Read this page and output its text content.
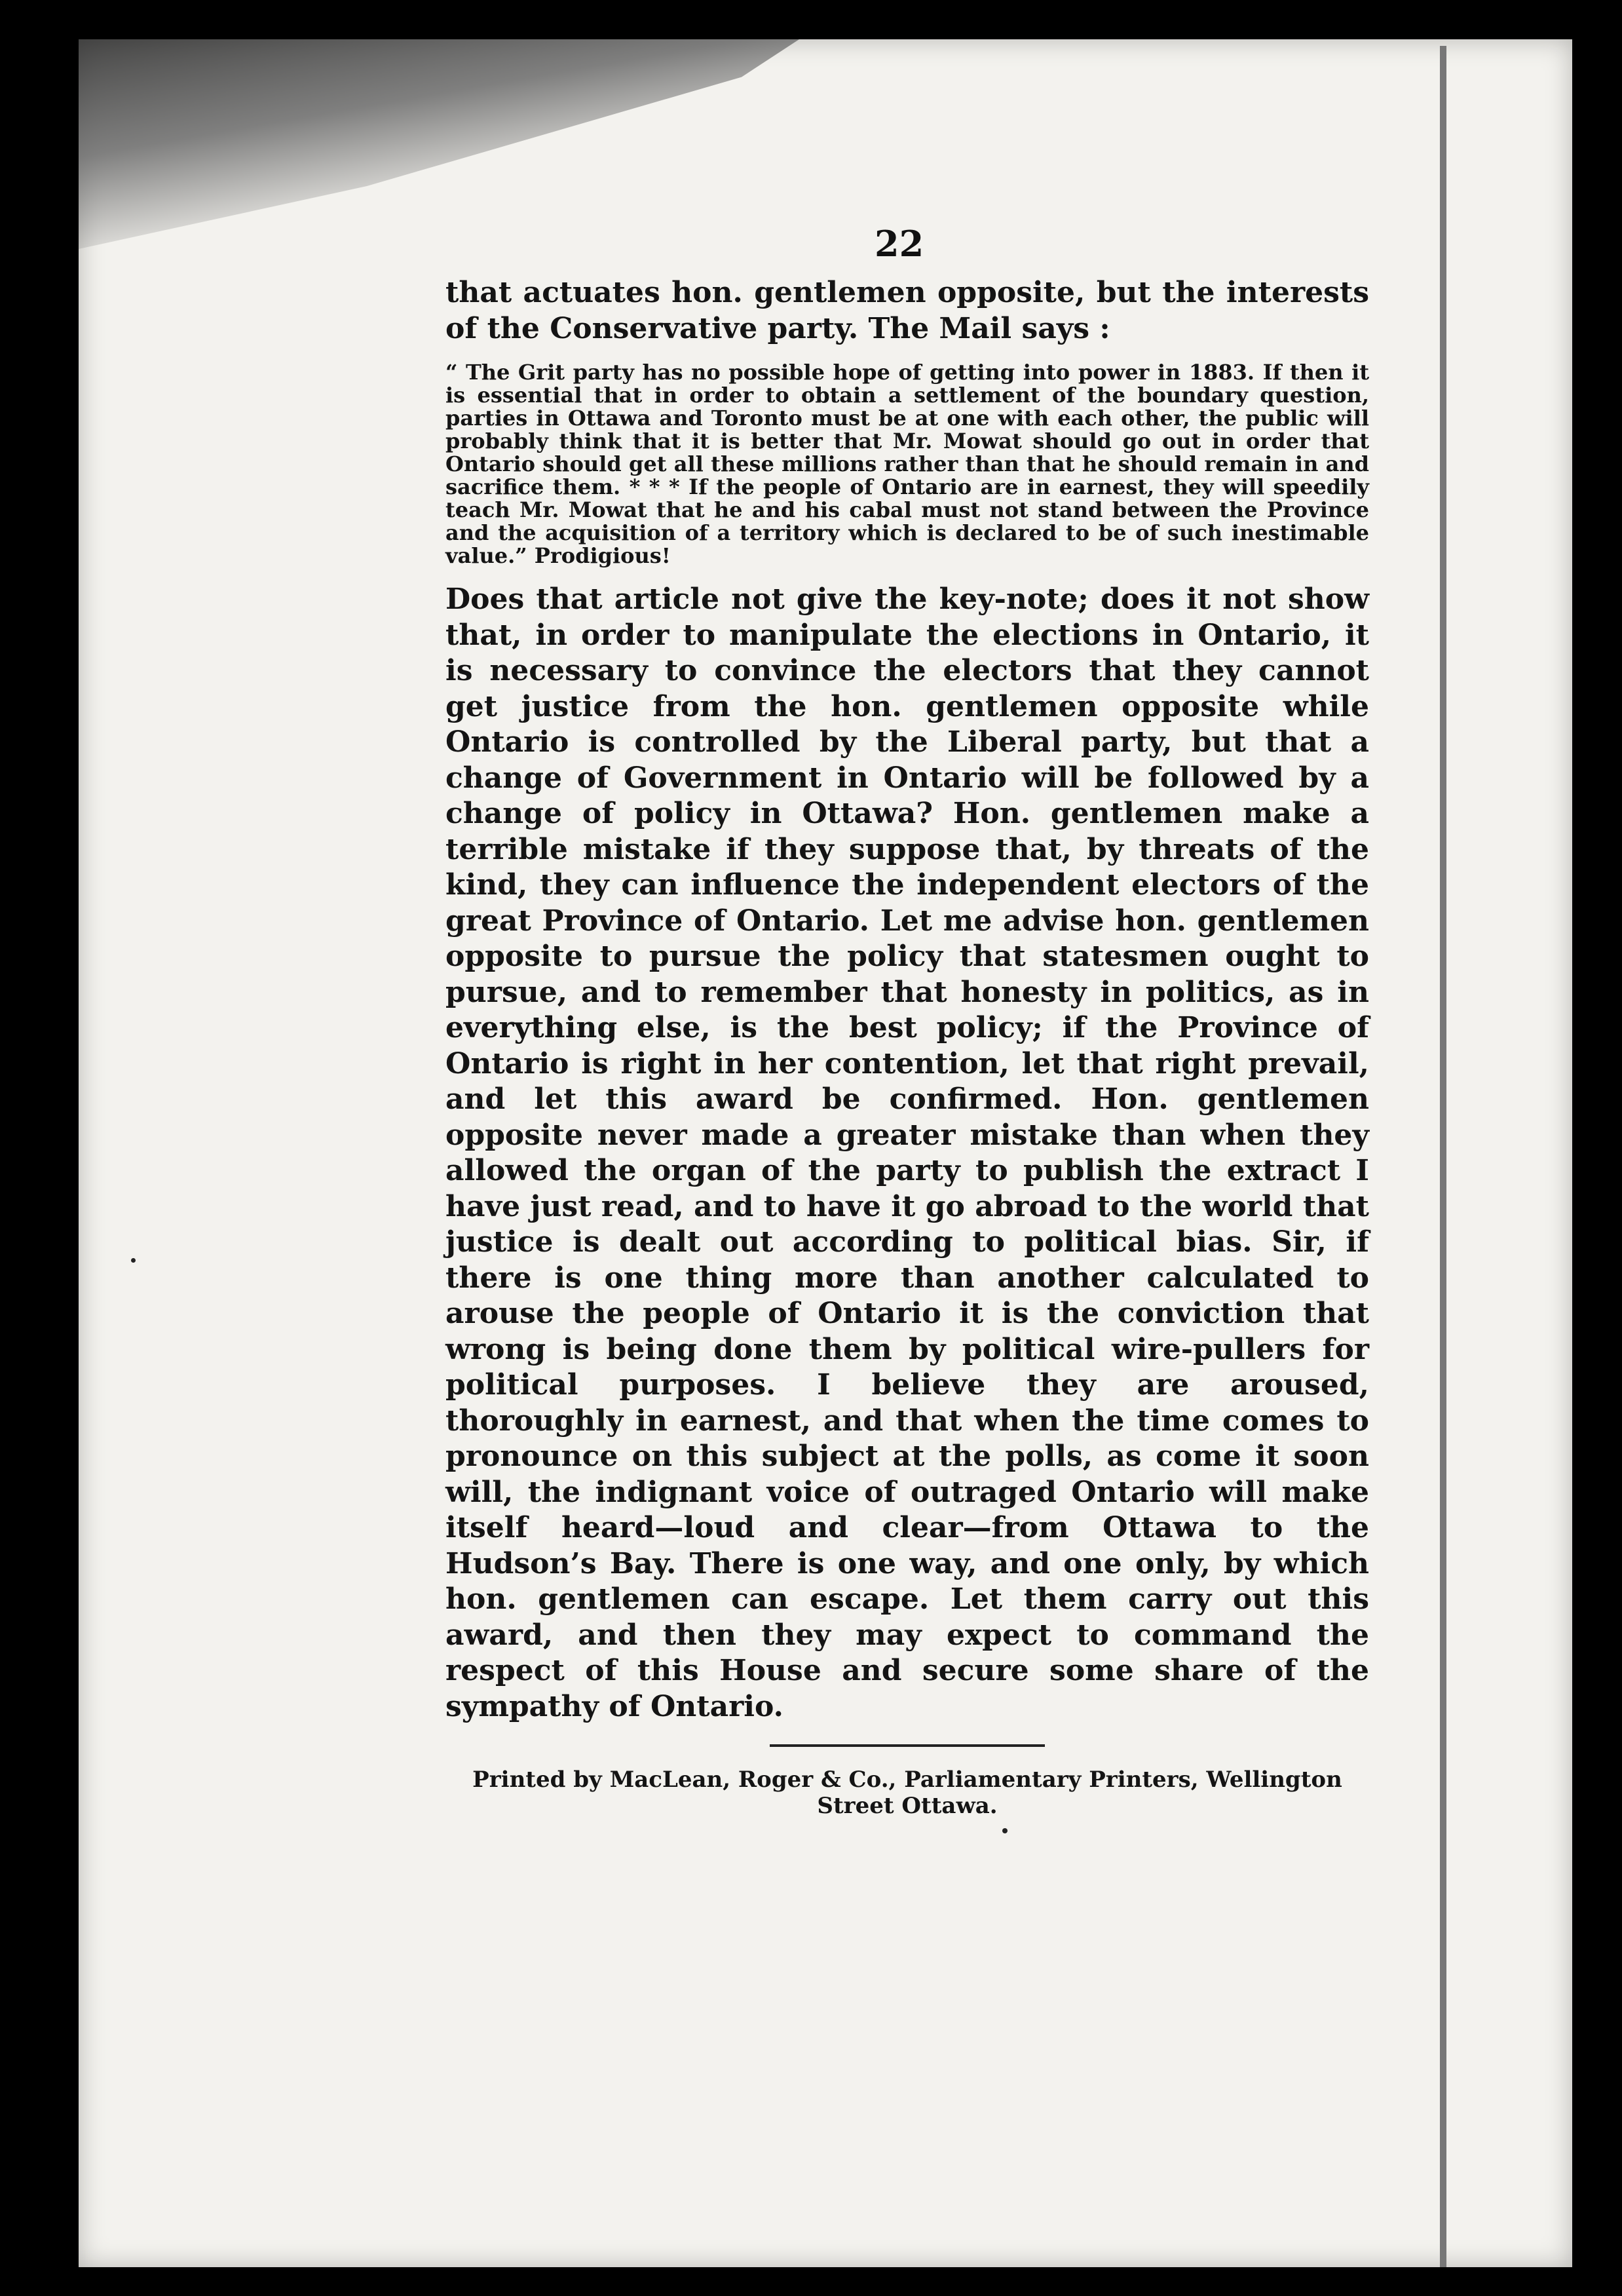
22

that actuates hon. gentlemen opposite, but the interests of the Conservative party. The Mail says :

“ The Grit party has no possible hope of getting into power in 1883. If then it is essential that in order to obtain a settlement of the boundary question, parties in Ottawa and Toronto must be at one with each other, the public will probably think that it is better that Mr. Mowat should go out in order that Ontario should get all these millions rather than that he should remain in and sacrifice them. * * * If the people of Ontario are in earnest, they will speedily teach Mr. Mowat that he and his cabal must not stand between the Province and the acquisition of a territory which is declared to be of such inestimable value.” Prodigious!

Does that article not give the key-note; does it not show that, in order to manipulate the elections in Ontario, it is necessary to convince the electors that they cannot get justice from the hon. gentlemen opposite while Ontario is controlled by the Liberal party, but that a change of Government in Ontario will be followed by a change of policy in Ottawa? Hon. gentlemen make a terrible mistake if they suppose that, by threats of the kind, they can influence the independent electors of the great Province of Ontario. Let me advise hon. gentlemen opposite to pursue the policy that statesmen ought to pursue, and to remember that honesty in politics, as in everything else, is the best policy; if the Province of Ontario is right in her contention, let that right prevail, and let this award be confirmed. Hon. gentlemen opposite never made a greater mistake than when they allowed the organ of the party to publish the extract I have just read, and to have it go abroad to the world that justice is dealt out according to political bias. Sir, if there is one thing more than another calculated to arouse the people of Ontario it is the conviction that wrong is being done them by political wire-pullers for political purposes. I believe they are aroused, thoroughly in earnest, and that when the time comes to pronounce on this subject at the polls, as come it soon will, the indignant voice of outraged Ontario will make itself heard—loud and clear—from Ottawa to the Hudson’s Bay. There is one way, and one only, by which hon. gentlemen can escape. Let them carry out this award, and then they may expect to command the respect of this House and secure some share of the sympathy of Ontario.

Printed by MacLean, Roger & Co., Parliamentary Printers, Wellington
Street Ottawa.
